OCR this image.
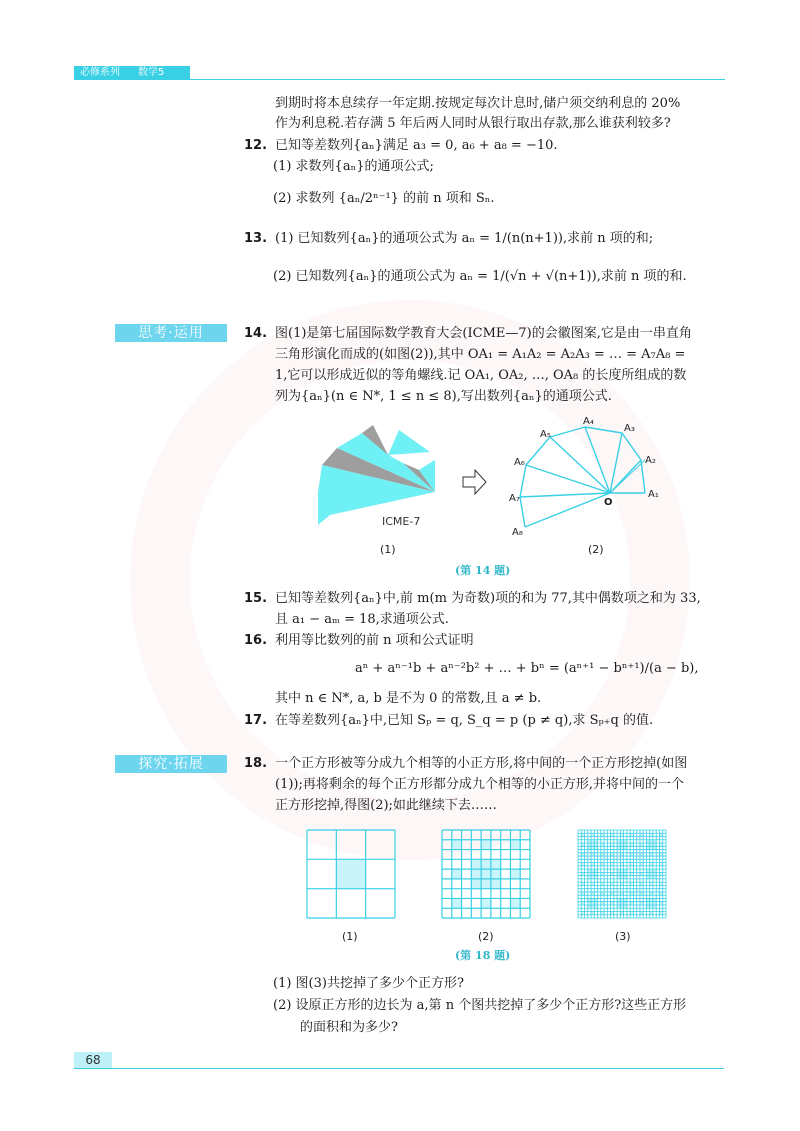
必修系列 数学5
到期时将本息续存一年定期.按规定每次计息时,储户须交纳利息的 20%
作为利息税.若存满 5 年后两人同时从银行取出存款,那么谁获利较多?
12. 已知等差数列{aₙ}满足 a₃ = 0, a₆ + a₈ = −10.
(1) 求数列{aₙ}的通项公式;
(2) 求数列 {aₙ/2ⁿ⁻¹} 的前 n 项和 Sₙ.
13. (1) 已知数列{aₙ}的通项公式为 aₙ = 1/(n(n+1)),求前 n 项的和;
(2) 已知数列{aₙ}的通项公式为 aₙ = 1/(√n + √(n+1)),求前 n 项的和.
思考·运用	14. 图(1)是第七届国际数学教育大会(ICME—7)的会徽图案,它是由一串直角
三角形演化而成的(如图(2)),其中 OA₁ = A₁A₂ = A₂A₃ = … = A₇A₈ =
1,它可以形成近似的等角螺线.记 OA₁, OA₂, …, OA₈ 的长度所组成的数
列为{aₙ}(n ∈ N*, 1 ≤ n ≤ 8),写出数列{aₙ}的通项公式.
ICME-7
A₁
A₂
A₃
A₄
A₅
A₆
A₇
A₈
O
(1)	(2)
(第 14 题)
15. 已知等差数列{aₙ}中,前 m(m 为奇数)项的和为 77,其中偶数项之和为 33,
且 a₁ − aₘ = 18,求通项公式.
16. 利用等比数列的前 n 项和公式证明
aⁿ + aⁿ⁻¹b + aⁿ⁻²b² + … + bⁿ = (aⁿ⁺¹ − bⁿ⁺¹)/(a − b),
其中 n ∈ N*, a, b 是不为 0 的常数,且 a ≠ b.
17. 在等差数列{aₙ}中,已知 Sₚ = q, S_q = p (p ≠ q),求 Sₚ₊q 的值.
探究·拓展	18. 一个正方形被等分成九个相等的小正方形,将中间的一个正方形挖掉(如图
(1));再将剩余的每个正方形都分成九个相等的小正方形,并将中间的一个
正方形挖掉,得图(2);如此继续下去……
(1)	(2)	(3)
(第 18 题)
(1) 图(3)共挖掉了多少个正方形?
(2) 设原正方形的边长为 a,第 n 个图共挖掉了多少个正方形?这些正方形
的面积和为多少?
68
